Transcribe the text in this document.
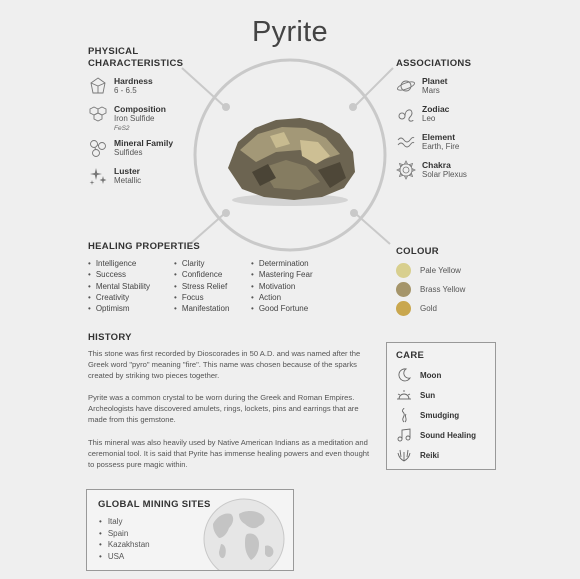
Pyrite
PHYSICAL
CHARACTERISTICS
Hardness
6 - 6.5
Composition
Iron Sulfide
FeS2
Mineral Family
Sulfides
Luster
Metallic
ASSOCIATIONS
Planet
Mars
Zodiac
Leo
Element
Earth, Fire
Chakra
Solar Plexus
HEALING PROPERTIES
• Intelligence
• Success
• Mental Stability
• Creativity
• Optimism
• Clarity
• Confidence
• Stress Relief
• Focus
• Manifestation
• Determination
• Mastering Fear
• Motivation
• Action
• Good Fortune
COLOUR
Pale Yellow
Brass Yellow
Gold
HISTORY
This stone was first recorded by Dioscorades in 50 A.D. and was named after the Greek word "pyro" meaning "fire". This name was chosen because of the sparks created by striking two pieces together.
Pyrite was a common crystal to be worn during the Greek and Roman Empires. Archeologists have discovered amulets, rings, lockets, pins and earrings that are made from this gemstone.
This mineral was also heavily used by Native American Indians as a meditation and ceremonial tool. It is said that Pyrite has immense healing powers and even thought to possess pure magic within.
CARE
Moon
Sun
Smudging
Sound Healing
Reiki
GLOBAL MINING SITES
• Italy
• Spain
• Kazakhstan
• USA
